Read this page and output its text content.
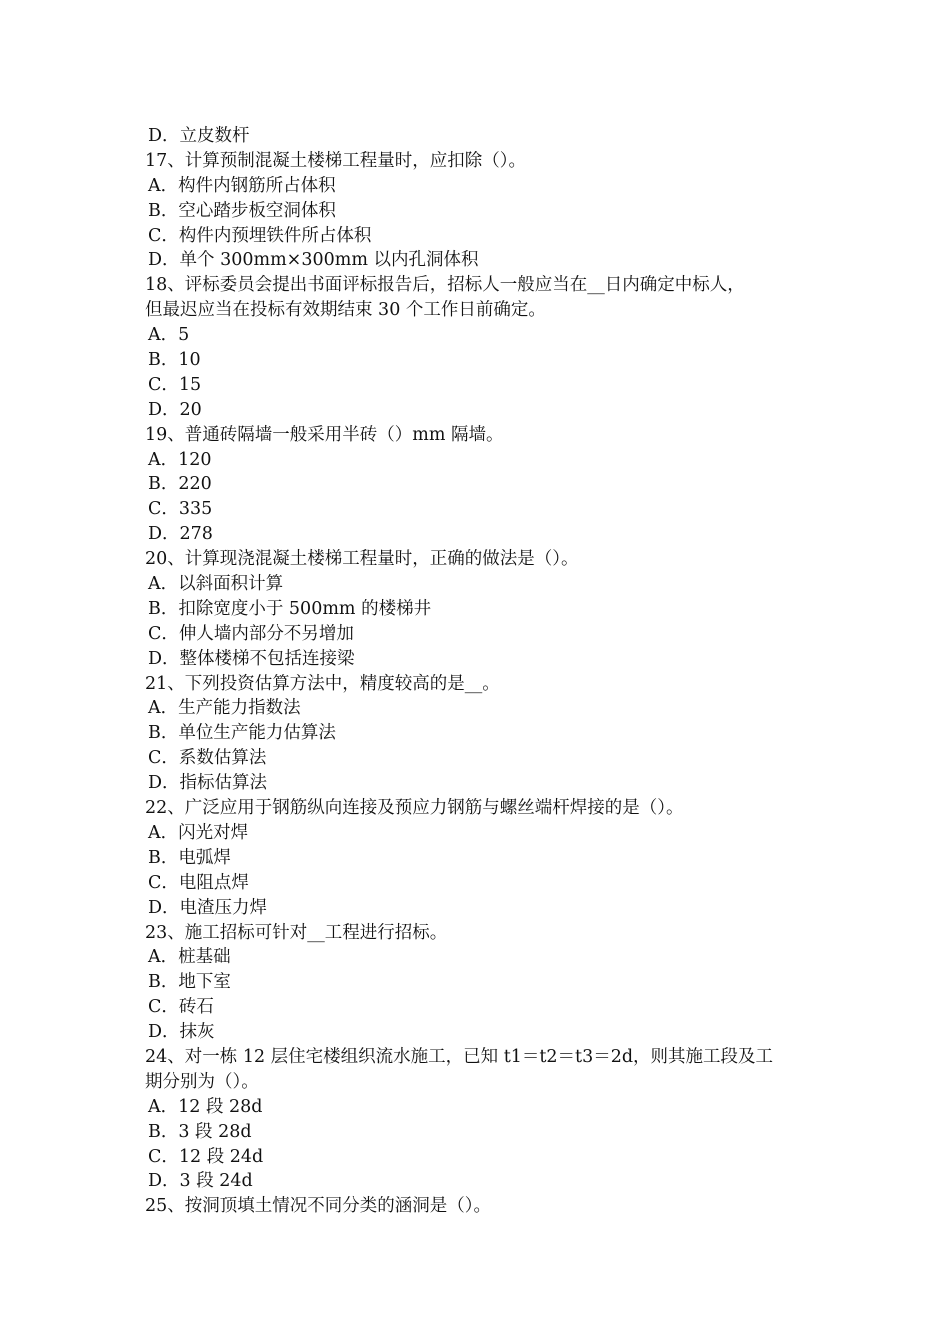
D．立皮数杆
17、计算预制混凝土楼梯工程量时，应扣除（）。
A．构件内钢筋所占体积
B．空心踏步板空洞体积
C．构件内预埋铁件所占体积
D．单个 300mm×300mm 以内孔洞体积
18、评标委员会提出书面评标报告后，招标人一般应当在__日内确定中标人，
但最迟应当在投标有效期结束 30 个工作日前确定。
A．5
B．10
C．15
D．20
19、普通砖隔墙一般采用半砖（）mm 隔墙。
A．120
B．220
C．335
D．278
20、计算现浇混凝土楼梯工程量时，正确的做法是（）。
A．以斜面积计算
B．扣除宽度小于 500mm 的楼梯井
C．伸人墙内部分不另增加
D．整体楼梯不包括连接梁
21、下列投资估算方法中，精度较高的是__。
A．生产能力指数法
B．单位生产能力估算法
C．系数估算法
D．指标估算法
22、广泛应用于钢筋纵向连接及预应力钢筋与螺丝端杆焊接的是（）。
A．闪光对焊
B．电弧焊
C．电阻点焊
D．电渣压力焊
23、施工招标可针对__工程进行招标。
A．桩基础
B．地下室
C．砖石
D．抹灰
24、对一栋 12 层住宅楼组织流水施工，已知 t1＝t2＝t3＝2d，则其施工段及工
期分别为（）。
A．12 段 28d
B．3 段 28d
C．12 段 24d
D．3 段 24d
25、按洞顶填土情况不同分类的涵洞是（）。
